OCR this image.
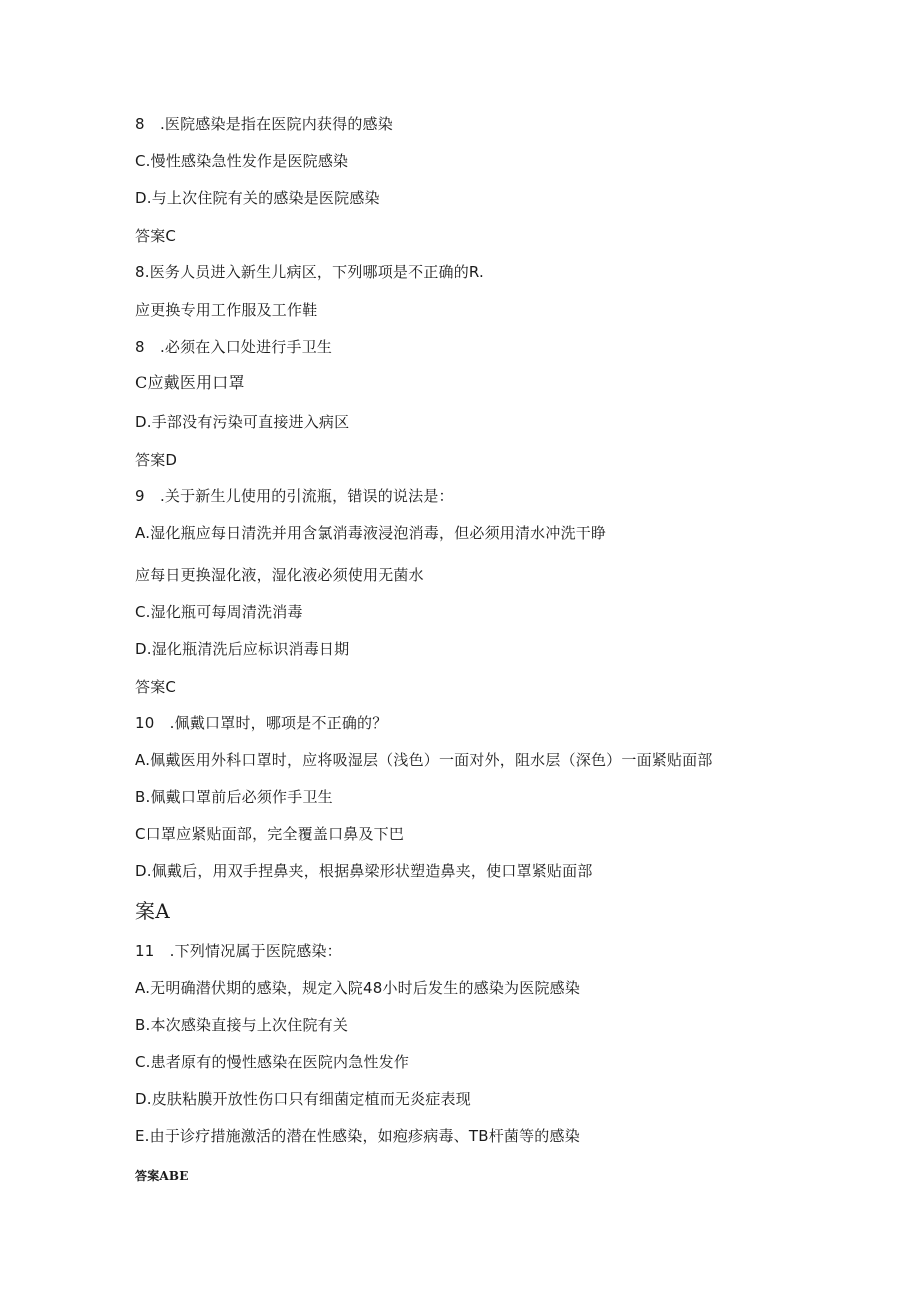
8　.医院感染是指在医院内获得的感染
C.慢性感染急性发作是医院感染
D.与上次住院有关的感染是医院感染
答案C
8.医务人员进入新生儿病区，下列哪项是不正确的R.
应更换专用工作服及工作鞋
8　.必须在入口处进行手卫生
C应戴医用口罩
D.手部没有污染可直接进入病区
答案D
9　.关于新生儿使用的引流瓶，错误的说法是：
A.湿化瓶应每日清洗并用含氯消毒液浸泡消毒，但必须用清水冲洗干睁
应每日更换湿化液，湿化液必须使用无菌水
C.湿化瓶可每周清洗消毒
D.湿化瓶清洗后应标识消毒日期
答案C
10　.佩戴口罩时，哪项是不正确的？
A.佩戴医用外科口罩时，应将吸湿层（浅色）一面对外，阻水层（深色）一面紧贴面部
B.佩戴口罩前后必须作手卫生
C口罩应紧贴面部，完全覆盖口鼻及下巴
D.佩戴后，用双手捏鼻夹，根据鼻梁形状塑造鼻夹，使口罩紧贴面部
案A
11　.下列情况属于医院感染：
A.无明确潜伏期的感染，规定入院48小时后发生的感染为医院感染
B.本次感染直接与上次住院有关
C.患者原有的慢性感染在医院内急性发作
D.皮肤粘膜开放性伤口只有细菌定植而无炎症表现
E.由于诊疗措施激活的潜在性感染，如疱疹病毒、TB杆菌等的感染
答案ABE
